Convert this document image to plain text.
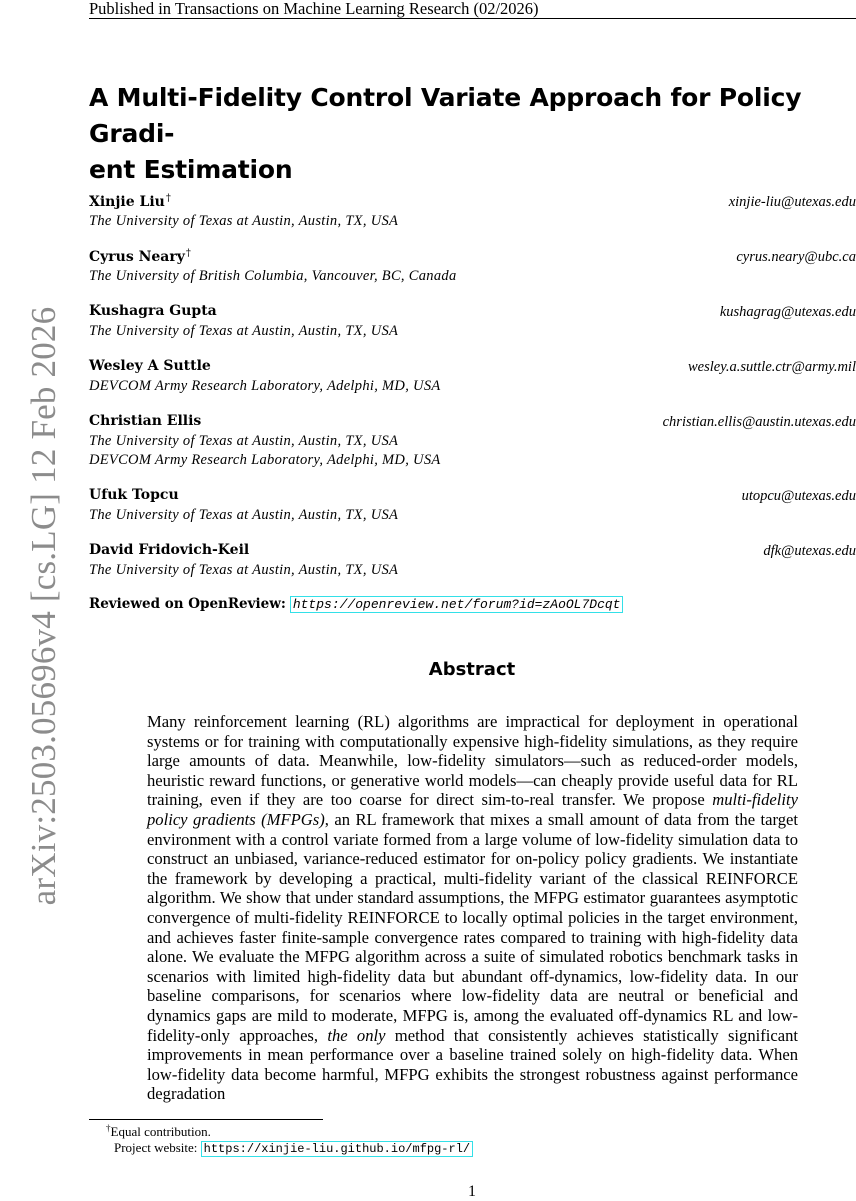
Published in Transactions on Machine Learning Research (02/2026)
arXiv:2503.05696v4 [cs.LG] 12 Feb 2026
A Multi-Fidelity Control Variate Approach for Policy Gradi-
ent Estimation
Xinjie Liu†	xinjie-liu@utexas.edu
The University of Texas at Austin, Austin, TX, USA
Cyrus Neary†	cyrus.neary@ubc.ca
The University of British Columbia, Vancouver, BC, Canada
Kushagra Gupta	kushagrag@utexas.edu
The University of Texas at Austin, Austin, TX, USA
Wesley A Suttle	wesley.a.suttle.ctr@army.mil
DEVCOM Army Research Laboratory, Adelphi, MD, USA
Christian Ellis	christian.ellis@austin.utexas.edu
The University of Texas at Austin, Austin, TX, USA
DEVCOM Army Research Laboratory, Adelphi, MD, USA
Ufuk Topcu	utopcu@utexas.edu
The University of Texas at Austin, Austin, TX, USA
David Fridovich-Keil	dfk@utexas.edu
The University of Texas at Austin, Austin, TX, USA
Reviewed on OpenReview: https://openreview.net/forum?id=zAoOL7Dcqt
Abstract
Many reinforcement learning (RL) algorithms are impractical for deployment in operational systems or for training with computationally expensive high-fidelity simulations, as they require large amounts of data. Meanwhile, low-fidelity simulators—such as reduced-order models, heuristic reward functions, or generative world models—can cheaply provide useful data for RL training, even if they are too coarse for direct sim-to-real transfer. We propose multi-fidelity policy gradients (MFPGs), an RL framework that mixes a small amount of data from the target environment with a control variate formed from a large volume of low-fidelity simulation data to construct an unbiased, variance-reduced estimator for on-policy policy gradients. We instantiate the framework by developing a practical, multi-fidelity variant of the classical REINFORCE algorithm. We show that under standard assumptions, the MFPG estimator guarantees asymptotic convergence of multi-fidelity REINFORCE to locally optimal policies in the target environment, and achieves faster finite-sample convergence rates compared to training with high-fidelity data alone. We evaluate the MFPG algorithm across a suite of simulated robotics benchmark tasks in scenarios with limited high-fidelity data but abundant off-dynamics, low-fidelity data. In our baseline comparisons, for scenarios where low-fidelity data are neutral or beneficial and dynamics gaps are mild to moderate, MFPG is, among the evaluated off-dynamics RL and low-fidelity-only approaches, the only method that consistently achieves statistically significant improvements in mean performance over a baseline trained solely on high-fidelity data. When low-fidelity data become harmful, MFPG exhibits the strongest robustness against performance degradation
†Equal contribution.
Project website: https://xinjie-liu.github.io/mfpg-rl/
1
